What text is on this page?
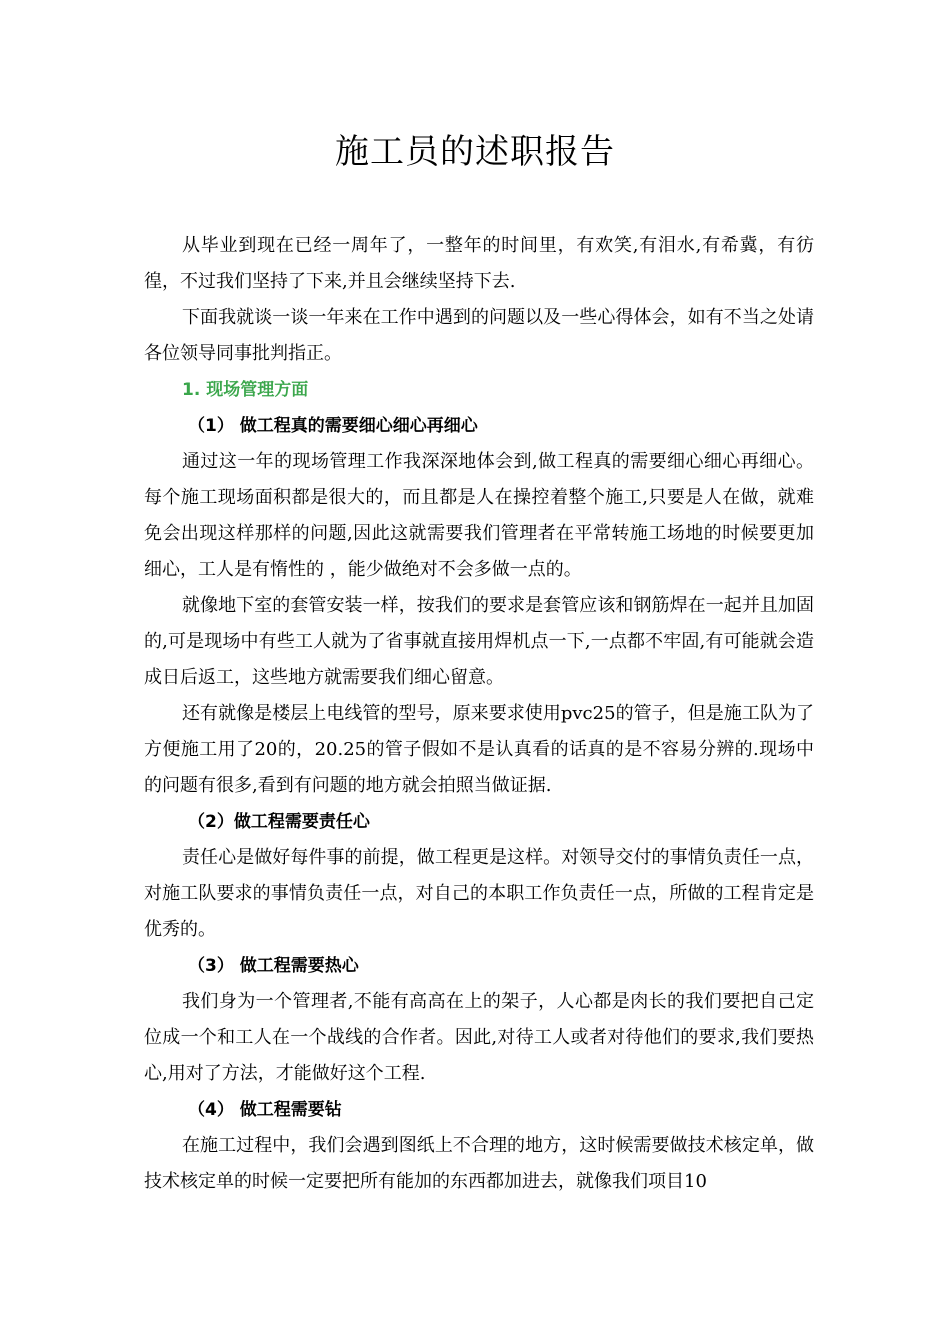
施工员的述职报告

从毕业到现在已经一周年了，一整年的时间里，有欢笑,有泪水,有希冀，有彷徨，不过我们坚持了下来,并且会继续坚持下去.

下面我就谈一谈一年来在工作中遇到的问题以及一些心得体会，如有不当之处请各位领导同事批判指正。

1. 现场管理方面

（1） 做工程真的需要细心细心再细心

通过这一年的现场管理工作我深深地体会到,做工程真的需要细心细心再细心。每个施工现场面积都是很大的，而且都是人在操控着整个施工,只要是人在做，就难免会出现这样那样的问题,因此这就需要我们管理者在平常转施工场地的时候要更加细心，工人是有惰性的 ，能少做绝对不会多做一点的。

就像地下室的套管安装一样，按我们的要求是套管应该和钢筋焊在一起并且加固的,可是现场中有些工人就为了省事就直接用焊机点一下,一点都不牢固,有可能就会造成日后返工，这些地方就需要我们细心留意。

还有就像是楼层上电线管的型号，原来要求使用pvc25的管子，但是施工队为了方便施工用了20的，20.25的管子假如不是认真看的话真的是不容易分辨的.现场中的问题有很多,看到有问题的地方就会拍照当做证据.

（2）做工程需要责任心

责任心是做好每件事的前提，做工程更是这样。对领导交付的事情负责任一点，对施工队要求的事情负责任一点，对自己的本职工作负责任一点，所做的工程肯定是优秀的。

（3） 做工程需要热心

我们身为一个管理者,不能有高高在上的架子，人心都是肉长的我们要把自己定位成一个和工人在一个战线的合作者。因此,对待工人或者对待他们的要求,我们要热心,用对了方法，才能做好这个工程.

（4） 做工程需要钻

在施工过程中，我们会遇到图纸上不合理的地方，这时候需要做技术核定单，做技术核定单的时候一定要把所有能加的东西都加进去，就像我们项目10
